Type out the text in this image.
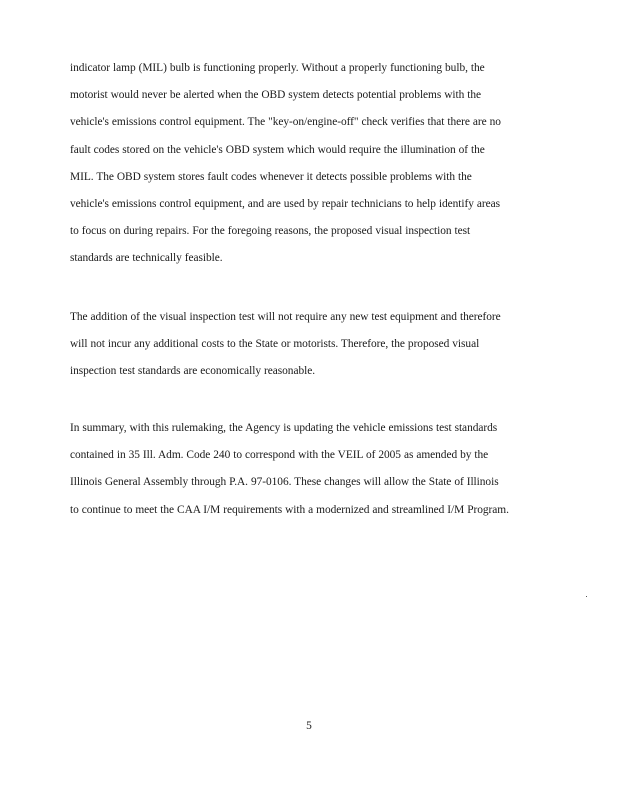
indicator lamp (MIL) bulb is functioning properly. Without a properly functioning bulb, the
motorist would never be alerted when the OBD system detects potential problems with the
vehicle's emissions control equipment. The "key-on/engine-off" check verifies that there are no
fault codes stored on the vehicle's OBD system which would require the illumination of the
MIL. The OBD system stores fault codes whenever it detects possible problems with the
vehicle's emissions control equipment, and are used by repair technicians to help identify areas
to focus on during repairs. For the foregoing reasons, the proposed visual inspection test
standards are technically feasible.
The addition of the visual inspection test will not require any new test equipment and therefore
will not incur any additional costs to the State or motorists. Therefore, the proposed visual
inspection test standards are economically reasonable.
In summary, with this rulemaking, the Agency is updating the vehicle emissions test standards
contained in 35 Ill. Adm. Code 240 to correspond with the VEIL of 2005 as amended by the
Illinois General Assembly through P.A. 97-0106. These changes will allow the State of Illinois
to continue to meet the CAA I/M requirements with a modernized and streamlined I/M Program.
5
